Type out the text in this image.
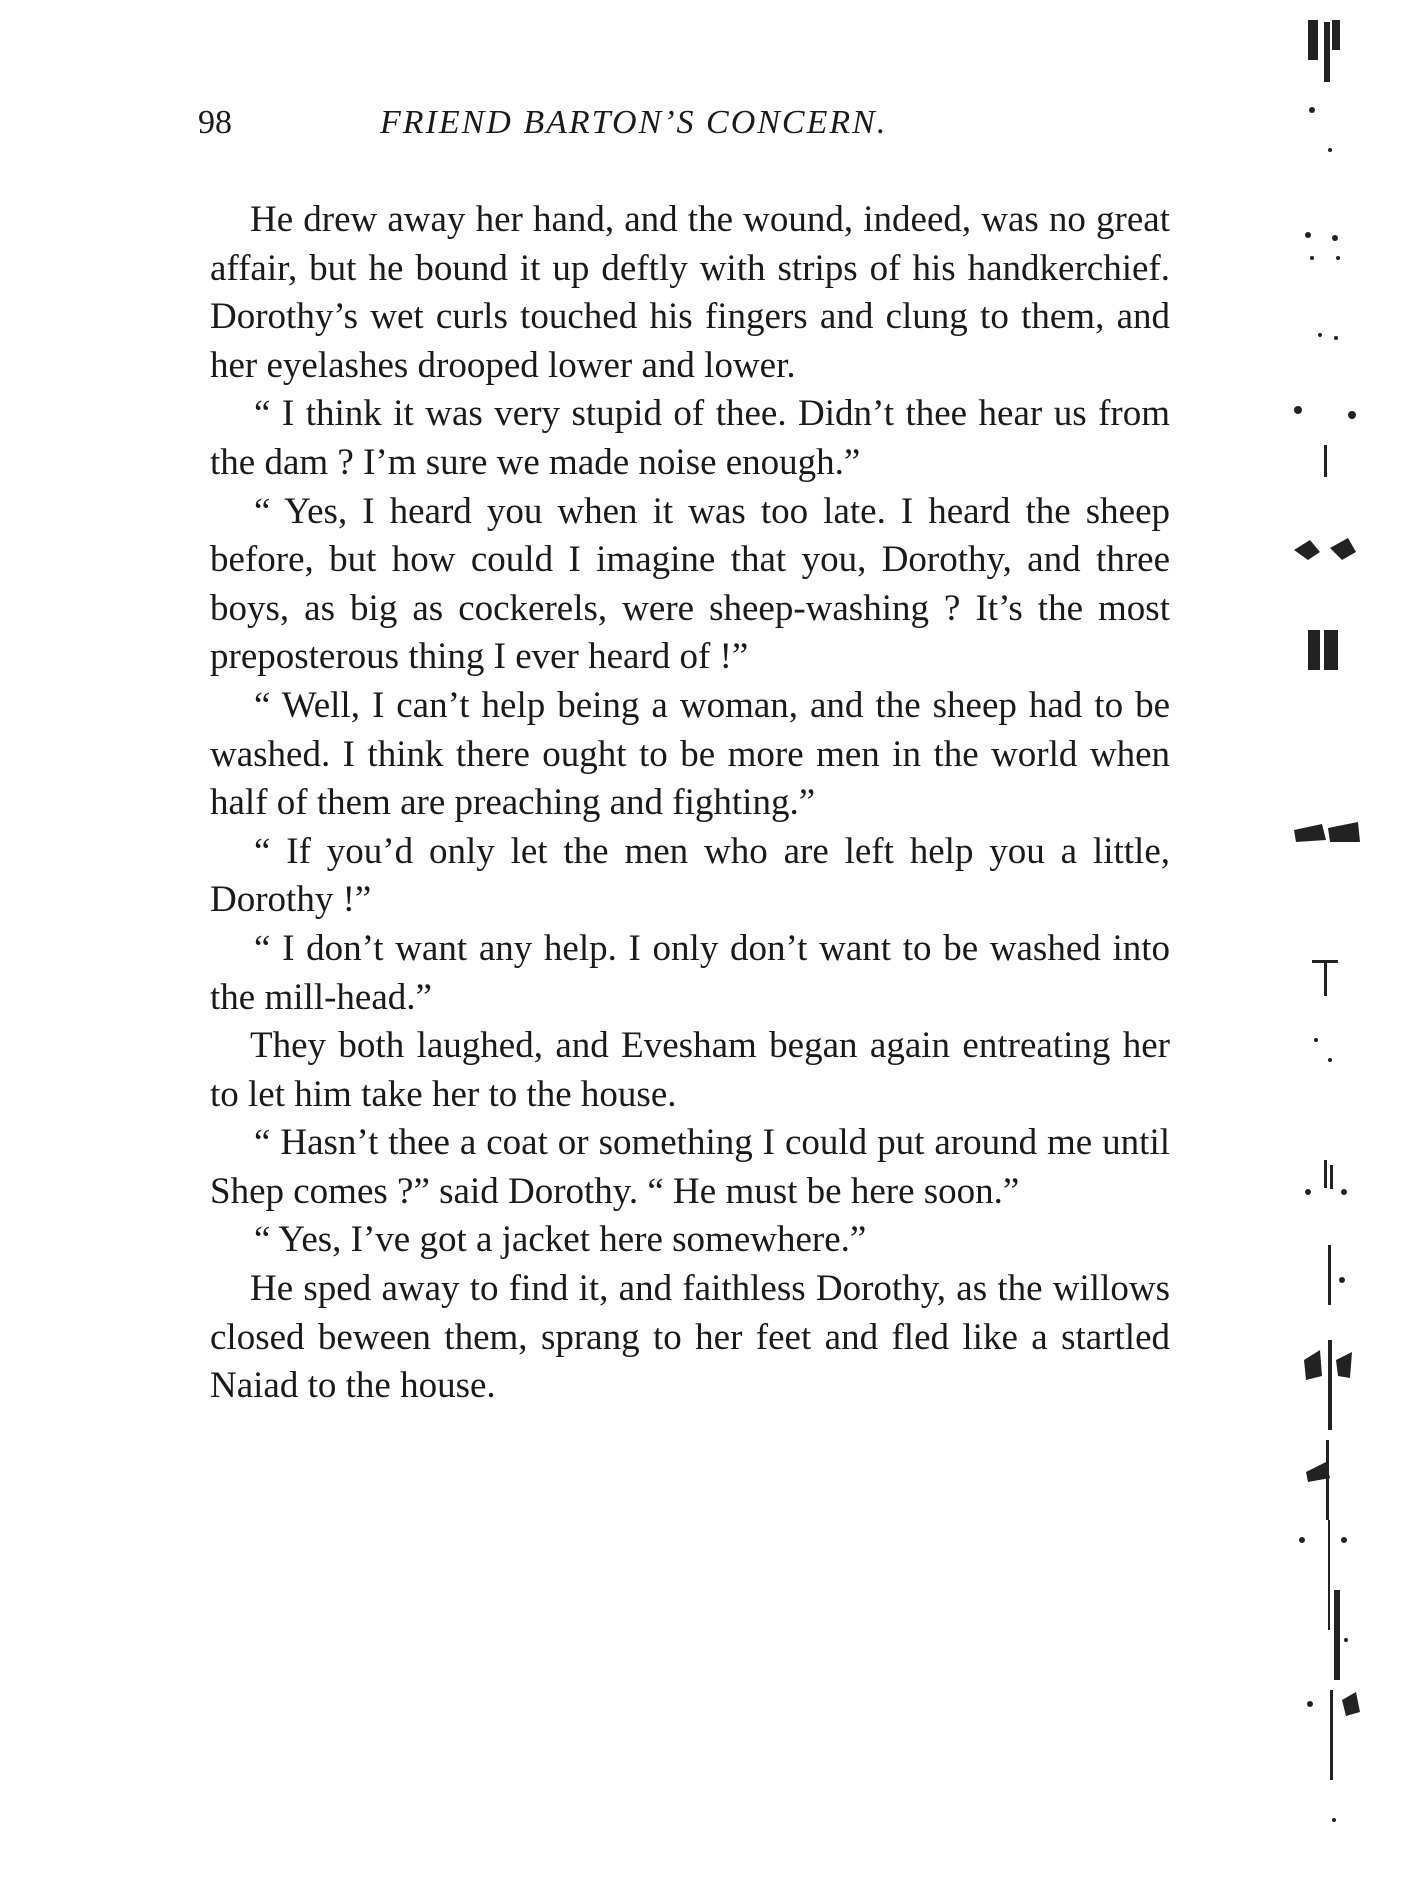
98	FRIEND BARTON’S CONCERN.

He drew away her hand, and the wound, indeed, was no great affair, but he bound it up deftly with strips of his handkerchief. Dorothy’s wet curls touched his fingers and clung to them, and her eyelashes drooped lower and lower.

“ I think it was very stupid of thee. Didn’t thee hear us from the dam ? I’m sure we made noise enough.”

“ Yes, I heard you when it was too late. I heard the sheep before, but how could I imagine that you, Dorothy, and three boys, as big as cockerels, were sheep-washing ? It’s the most preposterous thing I ever heard of !”

“ Well, I can’t help being a woman, and the sheep had to be washed. I think there ought to be more men in the world when half of them are preaching and fighting.”

“ If you’d only let the men who are left help you a little, Dorothy !”

“ I don’t want any help. I only don’t want to be washed into the mill-head.”

They both laughed, and Evesham began again entreating her to let him take her to the house.

“ Hasn’t thee a coat or something I could put around me until Shep comes ?” said Dorothy. “ He must be here soon.”

“ Yes, I’ve got a jacket here somewhere.”

He sped away to find it, and faithless Dorothy, as the willows closed beween them, sprang to her feet and fled like a startled Naiad to the house.
